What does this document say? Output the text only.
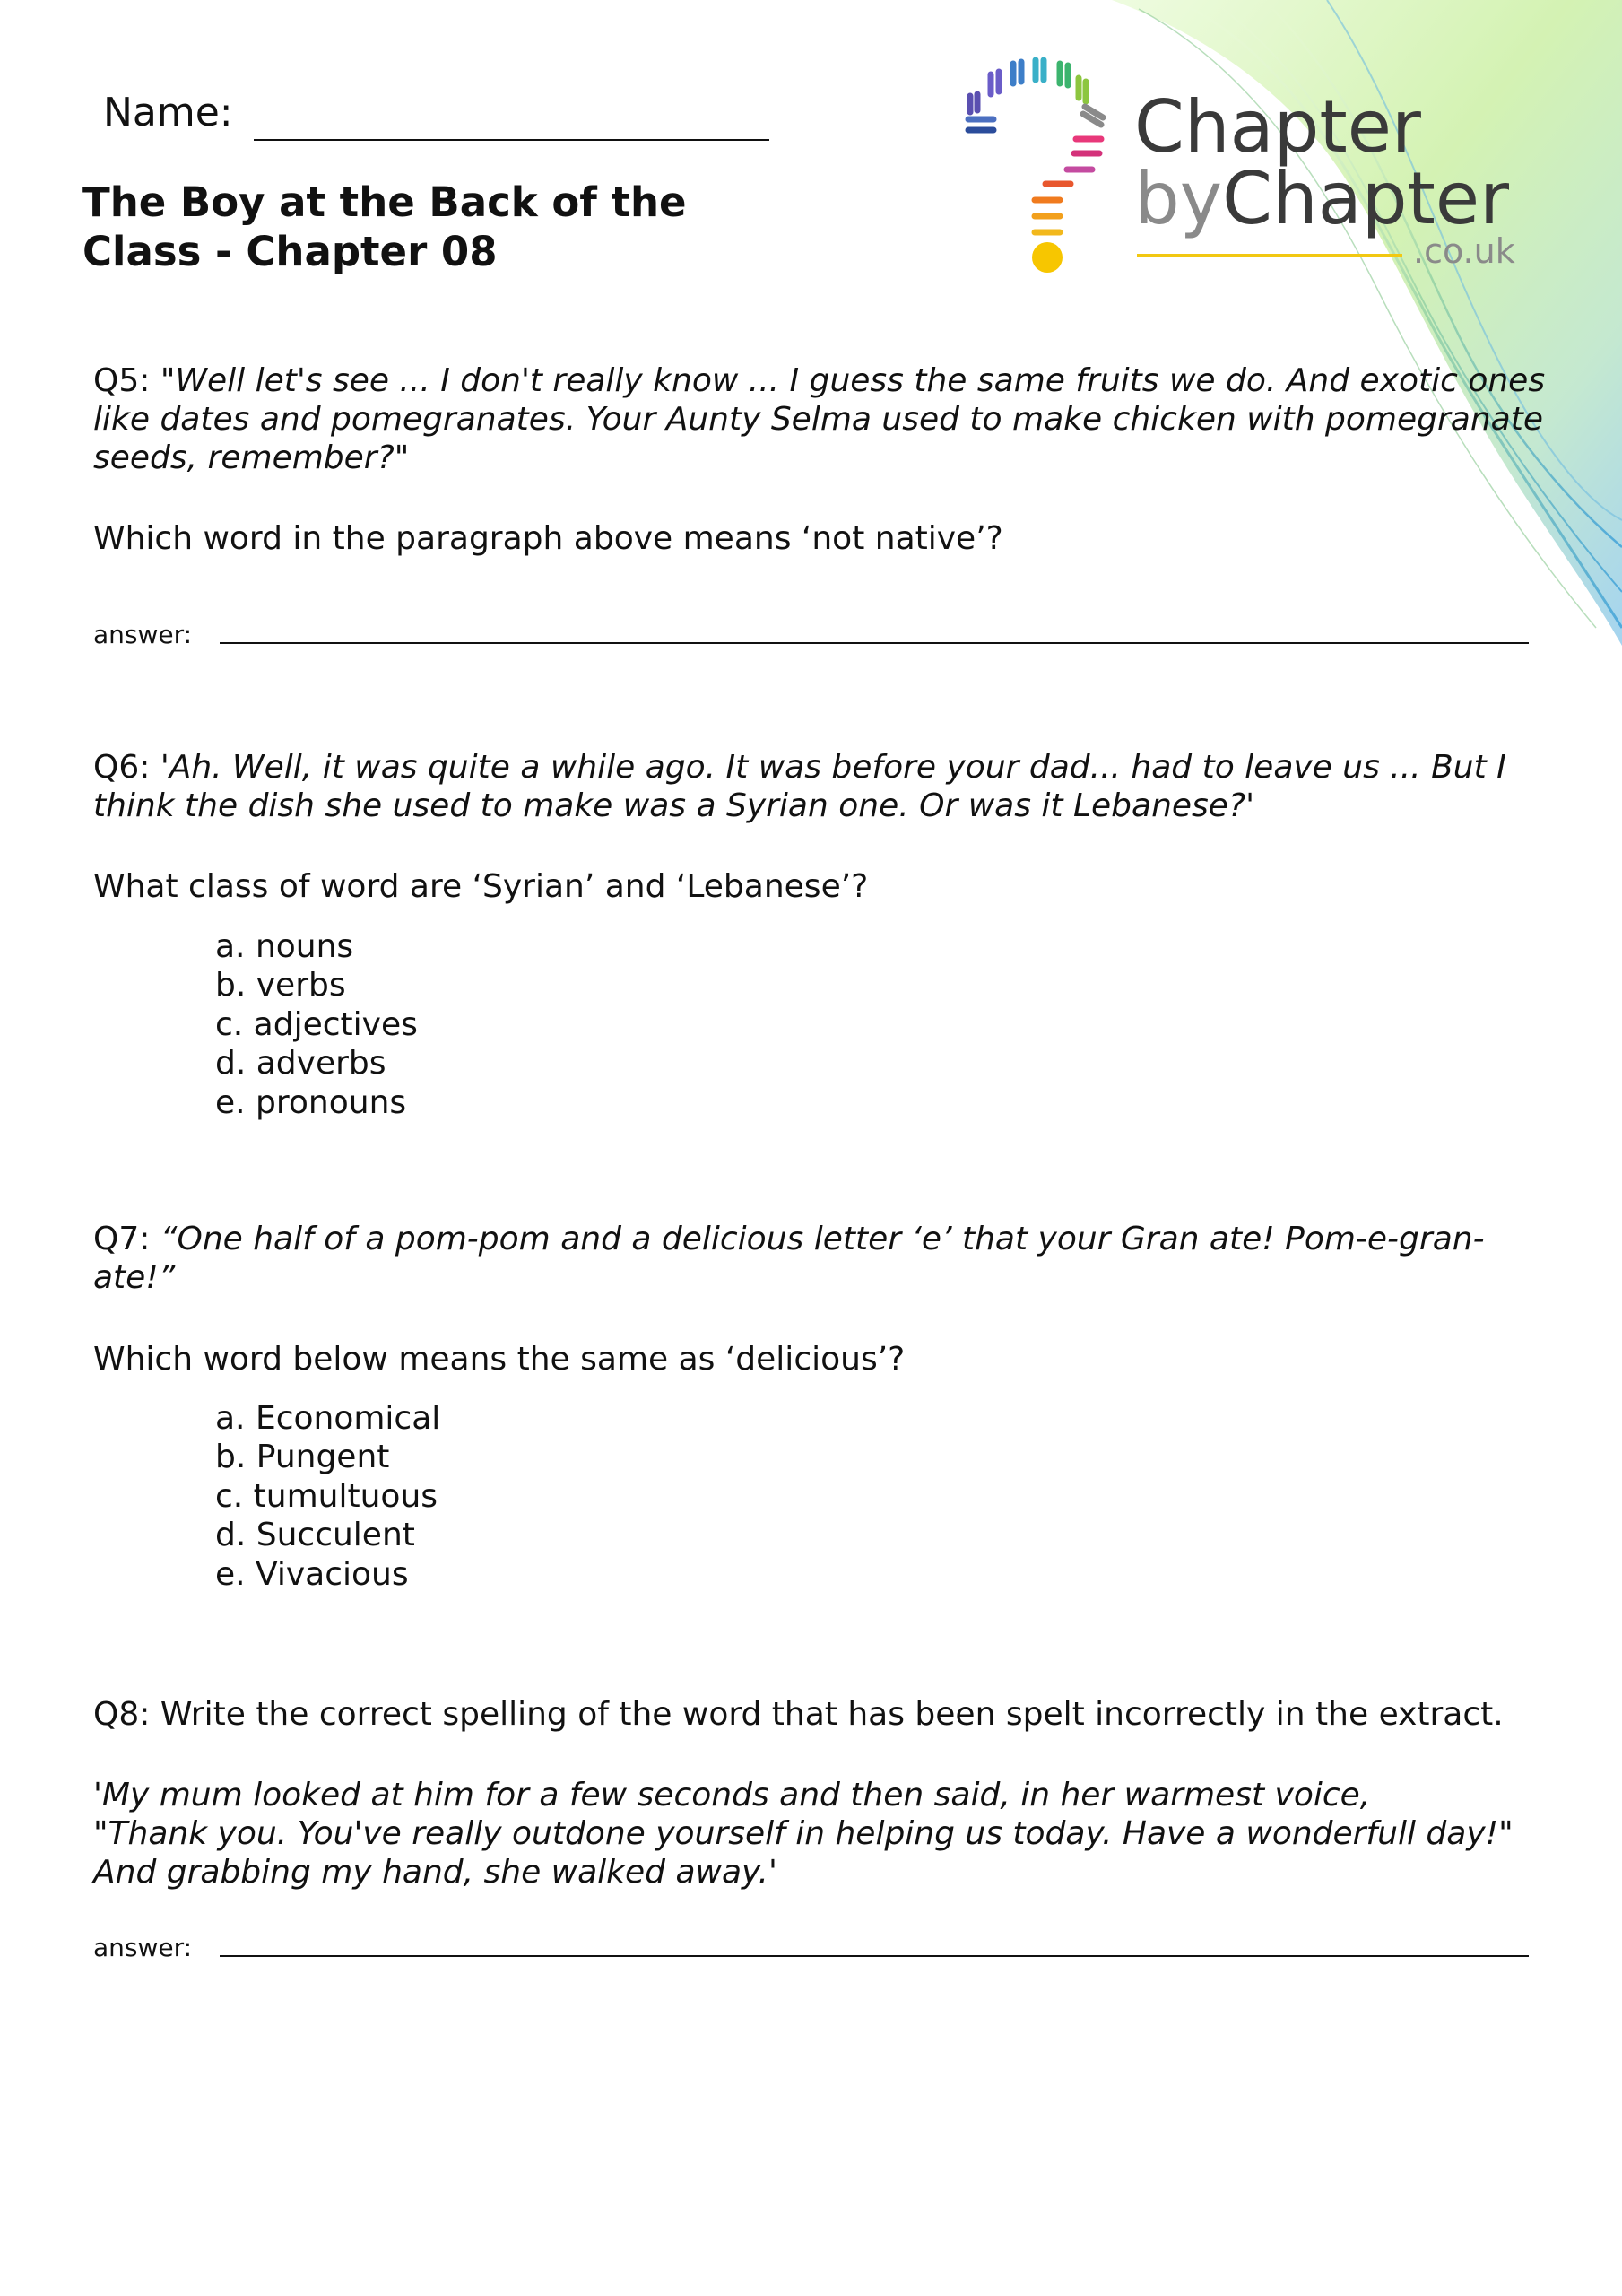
Name:
The Boy at the Back of the Class - Chapter 08
Chapter
byChapter
.co.uk
Q5: "Well let's see ... I don't really know ... I guess the same fruits we do. And exotic ones like dates and pomegranates. Your Aunty Selma used to make chicken with pomegranate seeds, remember?"
Which word in the paragraph above means ‘not native’?
answer:
Q6: 'Ah. Well, it was quite a while ago. It was before your dad... had to leave us ... But I think the dish she used to make was a Syrian one. Or was it Lebanese?'
What class of word are ‘Syrian’ and ‘Lebanese’?
a. nouns
b. verbs
c. adjectives
d. adverbs
e. pronouns
Q7: “One half of a pom-pom and a delicious letter ‘e’ that your Gran ate! Pom-e-gran-ate!”
Which word below means the same as ‘delicious’?
a. Economical
b. Pungent
c. tumultuous
d. Succulent
e. Vivacious
Q8: Write the correct spelling of the word that has been spelt incorrectly in the extract.
'My mum looked at him for a few seconds and then said, in her warmest voice,
"Thank you. You've really outdone yourself in helping us today. Have a wonderfull day!"
And grabbing my hand, she walked away.'
answer:
